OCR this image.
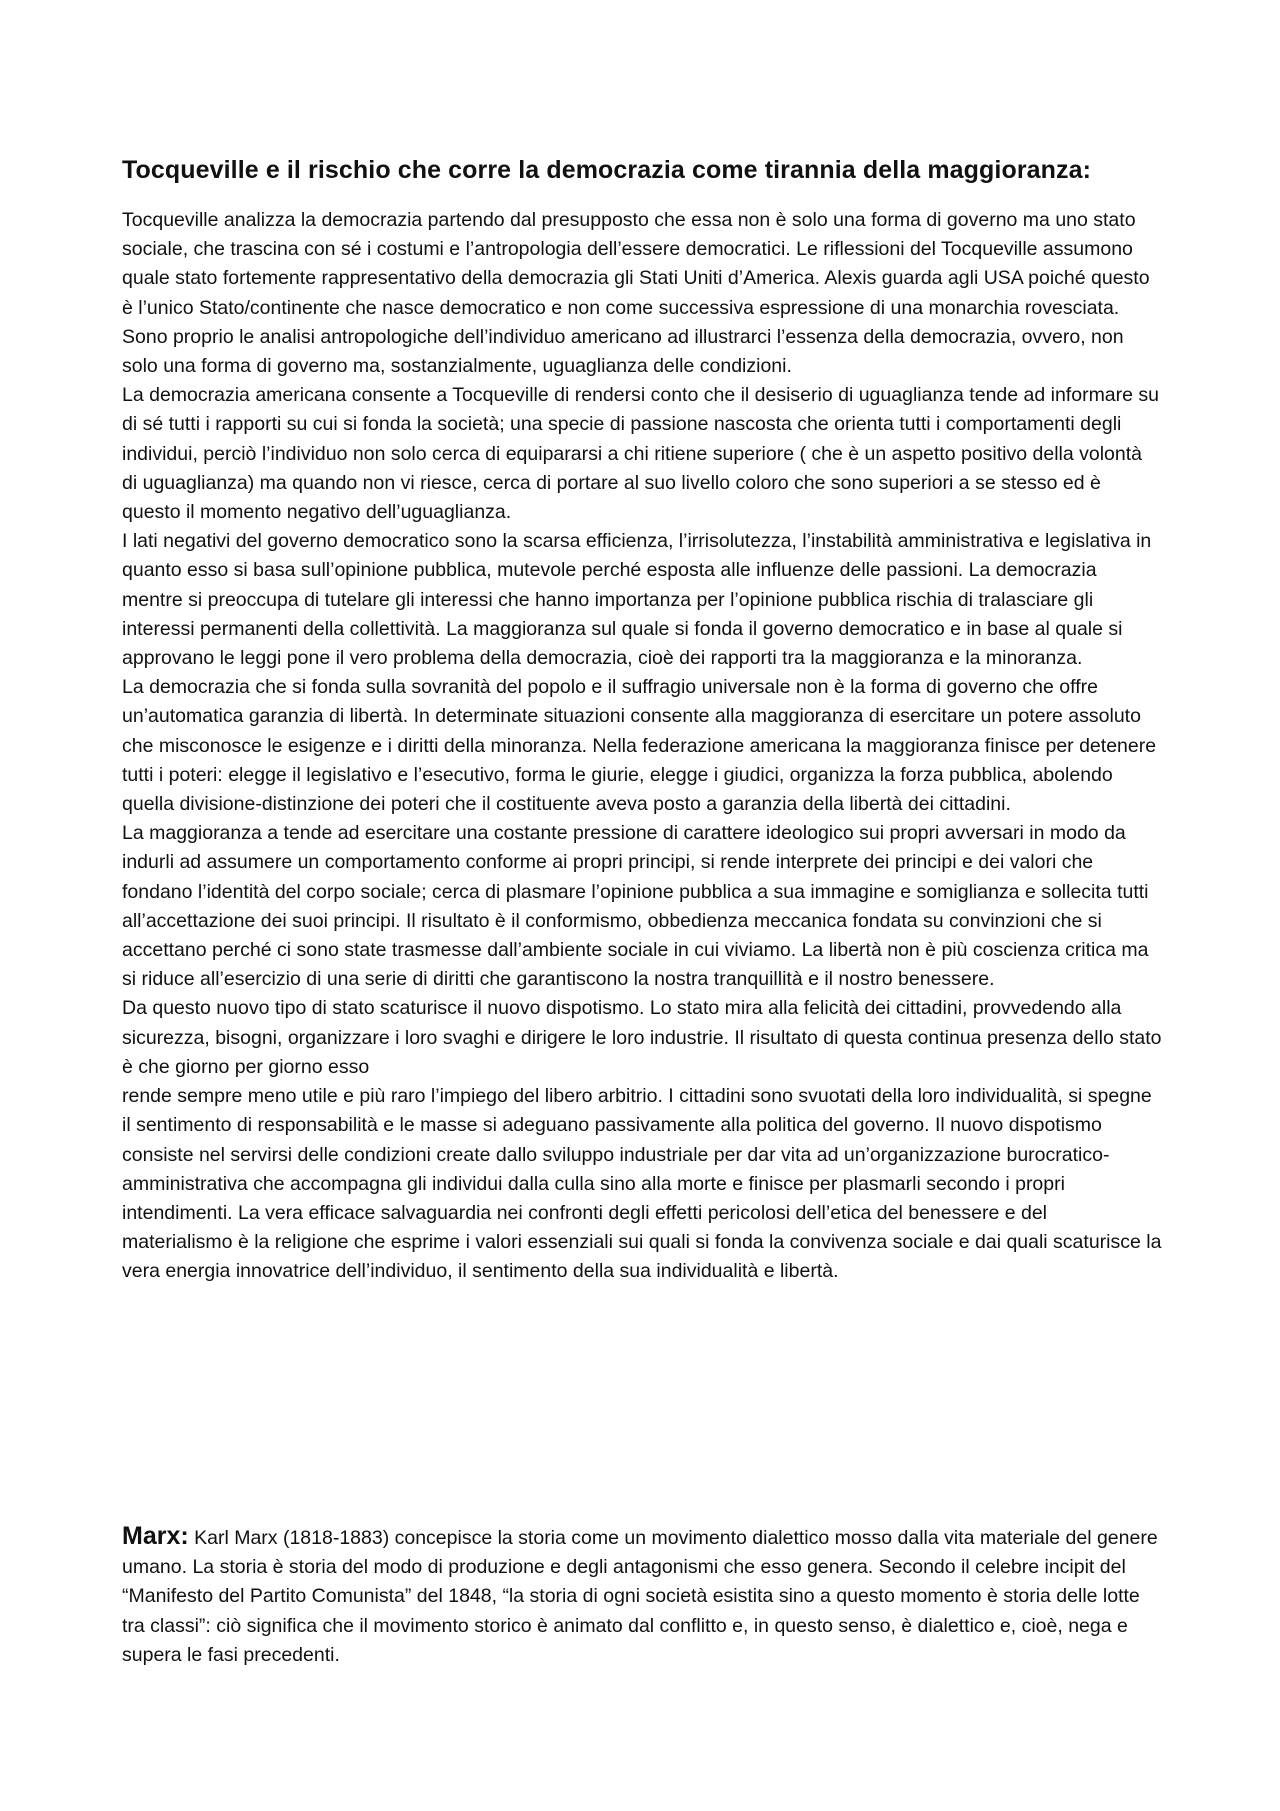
Tocqueville e il rischio che corre la democrazia come tirannia della maggioranza:

Tocqueville analizza la democrazia partendo dal presupposto che essa non è solo una forma di governo ma uno stato sociale, che trascina con sé i costumi e l’antropologia dell’essere democratici. Le riflessioni del Tocqueville assumono quale stato fortemente rappresentativo della democrazia gli Stati Uniti d’America. Alexis guarda agli USA poiché questo è l’unico Stato/continente che nasce democratico e non come successiva espressione di una monarchia rovesciata. Sono proprio le analisi antropologiche dell’individuo americano ad illustrarci l’essenza della democrazia, ovvero, non solo una forma di governo ma, sostanzialmente, uguaglianza delle condizioni.

La democrazia americana consente a Tocqueville di rendersi conto che il desiserio di uguaglianza tende ad informare su di sé tutti i rapporti su cui si fonda la società; una specie di passione nascosta che orienta tutti i comportamenti degli individui, perciò l’individuo non solo cerca di equipararsi a chi ritiene superiore ( che è un aspetto positivo della volontà di uguaglianza) ma quando non vi riesce, cerca di portare al suo livello coloro che sono superiori a se stesso ed è questo il momento negativo dell’uguaglianza.

I lati negativi del governo democratico sono la scarsa efficienza, l’irrisolutezza, l’instabilità amministrativa e legislativa in quanto esso si basa sull’opinione pubblica, mutevole perché esposta alle influenze delle passioni. La democrazia mentre si preoccupa di tutelare gli interessi che hanno importanza per l’opinione pubblica rischia di tralasciare gli interessi permanenti della collettività. La maggioranza sul quale si fonda il governo democratico e in base al quale si approvano le leggi pone il vero problema della democrazia, cioè dei rapporti tra la maggioranza e la minoranza.

La democrazia che si fonda sulla sovranità del popolo e il suffragio universale non è la forma di governo che offre un’automatica garanzia di libertà. In determinate situazioni consente alla maggioranza di esercitare un potere assoluto che misconosce le esigenze e i diritti della minoranza. Nella federazione americana la maggioranza finisce per detenere tutti i poteri: elegge il legislativo e l’esecutivo, forma le giurie, elegge i giudici, organizza la forza pubblica, abolendo quella divisione-distinzione dei poteri che il costituente aveva posto a garanzia della libertà dei cittadini.

La maggioranza a tende ad esercitare una costante pressione di carattere ideologico sui propri avversari in modo da indurli ad assumere un comportamento conforme ai propri principi, si rende interprete dei principi e dei valori che fondano l’identità del corpo sociale; cerca di plasmare l’opinione pubblica a sua immagine e somiglianza e sollecita tutti all’accettazione dei suoi principi. Il risultato è il conformismo, obbedienza meccanica fondata su convinzioni che si accettano perché ci sono state trasmesse dall’ambiente sociale in cui viviamo. La libertà non è più coscienza critica ma si riduce all’esercizio di una serie di diritti che garantiscono la nostra tranquillità e il nostro benessere.

Da questo nuovo tipo di stato scaturisce il nuovo dispotismo. Lo stato mira alla felicità dei cittadini, provvedendo alla sicurezza, bisogni, organizzare i loro svaghi e dirigere le loro industrie. Il risultato di questa continua presenza dello stato è che giorno per giorno esso

rende sempre meno utile e più raro l’impiego del libero arbitrio. I cittadini sono svuotati della loro individualità, si spegne il sentimento di responsabilità e le masse si adeguano passivamente alla politica del governo. Il nuovo dispotismo consiste nel servirsi delle condizioni create dallo sviluppo industriale per dar vita ad un’organizzazione burocratico-amministrativa che accompagna gli individui dalla culla sino alla morte e finisce per plasmarli secondo i propri intendimenti. La vera efficace salvaguardia nei confronti degli effetti pericolosi dell’etica del benessere e del materialismo è la religione che esprime i valori essenziali sui quali si fonda la convivenza sociale e dai quali scaturisce la vera energia innovatrice dell’individuo, il sentimento della sua individualità e libertà.

Marx: Karl Marx (1818-1883) concepisce la storia come un movimento dialettico mosso dalla vita materiale del genere umano. La storia è storia del modo di produzione e degli antagonismi che esso genera. Secondo il celebre incipit del “Manifesto del Partito Comunista” del 1848, “la storia di ogni società esistita sino a questo momento è storia delle lotte tra classi”: ciò significa che il movimento storico è animato dal conflitto e, in questo senso, è dialettico e, cioè, nega e supera le fasi precedenti.
